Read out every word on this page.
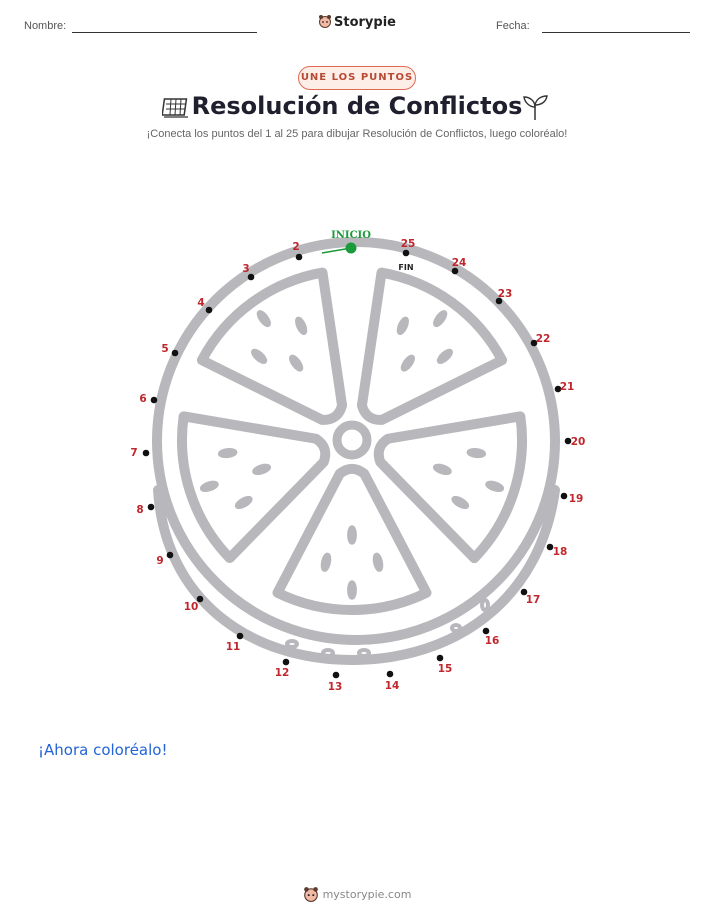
Nombre:	Storypie	Fecha:
UNE LOS PUNTOS
Resolución de Conflictos
¡Conecta los puntos del 1 al 25 para dibujar Resolución de Conflictos, luego coloréalo!
INICIO
FIN
2
3
4
5
6
7
8
9
10
11
12
13	14
15
16
17
18
19
20
21
22
23
24
25
¡Ahora coloréalo!
mystorypie.com
